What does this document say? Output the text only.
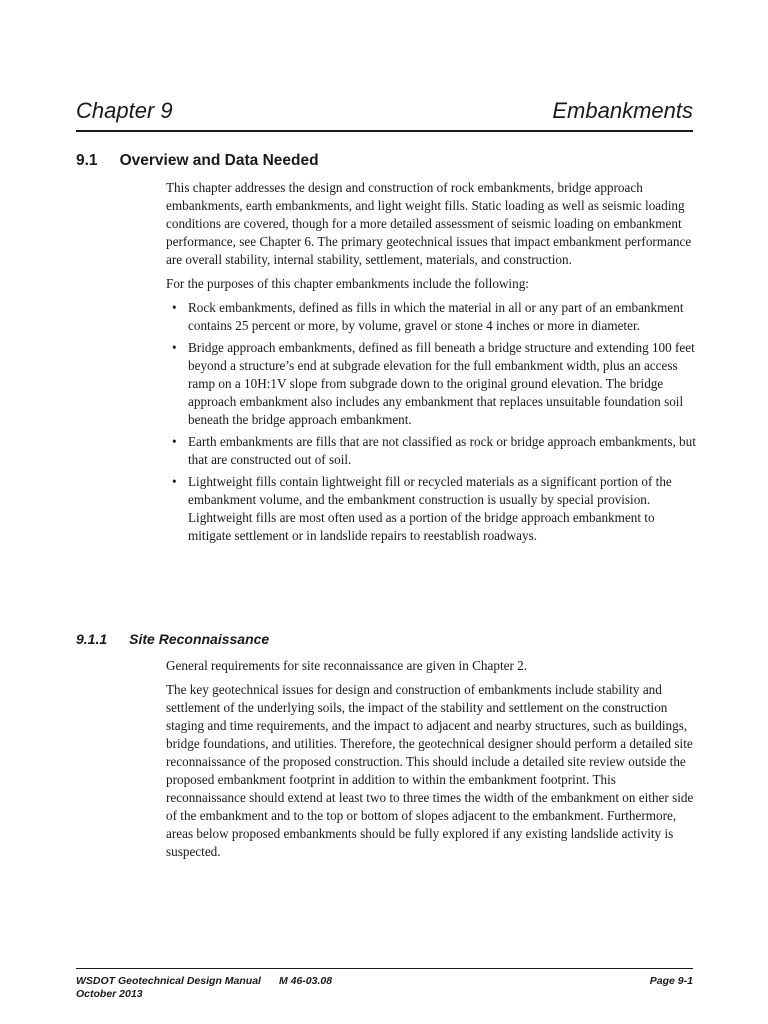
Chapter 9	Embankments
9.1 Overview and Data Needed

This chapter addresses the design and construction of rock embankments, bridge approach embankments, earth embankments, and light weight fills. Static loading as well as seismic loading conditions are covered, though for a more detailed assessment of seismic loading on embankment performance, see Chapter 6. The primary geotechnical issues that impact embankment performance are overall stability, internal stability, settlement, materials, and construction.

For the purposes of this chapter embankments include the following:

• Rock embankments, defined as fills in which the material in all or any part of an embankment contains 25 percent or more, by volume, gravel or stone 4 inches or more in diameter.
• Bridge approach embankments, defined as fill beneath a bridge structure and extending 100 feet beyond a structure’s end at subgrade elevation for the full embankment width, plus an access ramp on a 10H:1V slope from subgrade down to the original ground elevation. The bridge approach embankment also includes any embankment that replaces unsuitable foundation soil beneath the bridge approach embankment.
• Earth embankments are fills that are not classified as rock or bridge approach embankments, but that are constructed out of soil.
• Lightweight fills contain lightweight fill or recycled materials as a significant portion of the embankment volume, and the embankment construction is usually by special provision. Lightweight fills are most often used as a portion of the bridge approach embankment to mitigate settlement or in landslide repairs to reestablish roadways.
9.1.1 Site Reconnaissance

General requirements for site reconnaissance are given in Chapter 2.

The key geotechnical issues for design and construction of embankments include stability and settlement of the underlying soils, the impact of the stability and settlement on the construction staging and time requirements, and the impact to adjacent and nearby structures, such as buildings, bridge foundations, and utilities. Therefore, the geotechnical designer should perform a detailed site reconnaissance of the proposed construction. This should include a detailed site review outside the proposed embankment footprint in addition to within the embankment footprint. This reconnaissance should extend at least two to three times the width of the embankment on either side of the embankment and to the top or bottom of slopes adjacent to the embankment. Furthermore, areas below proposed embankments should be fully explored if any existing landslide activity is suspected.

WSDOT Geotechnical Design Manual M 46-03.08
October 2013
Page 9-1
